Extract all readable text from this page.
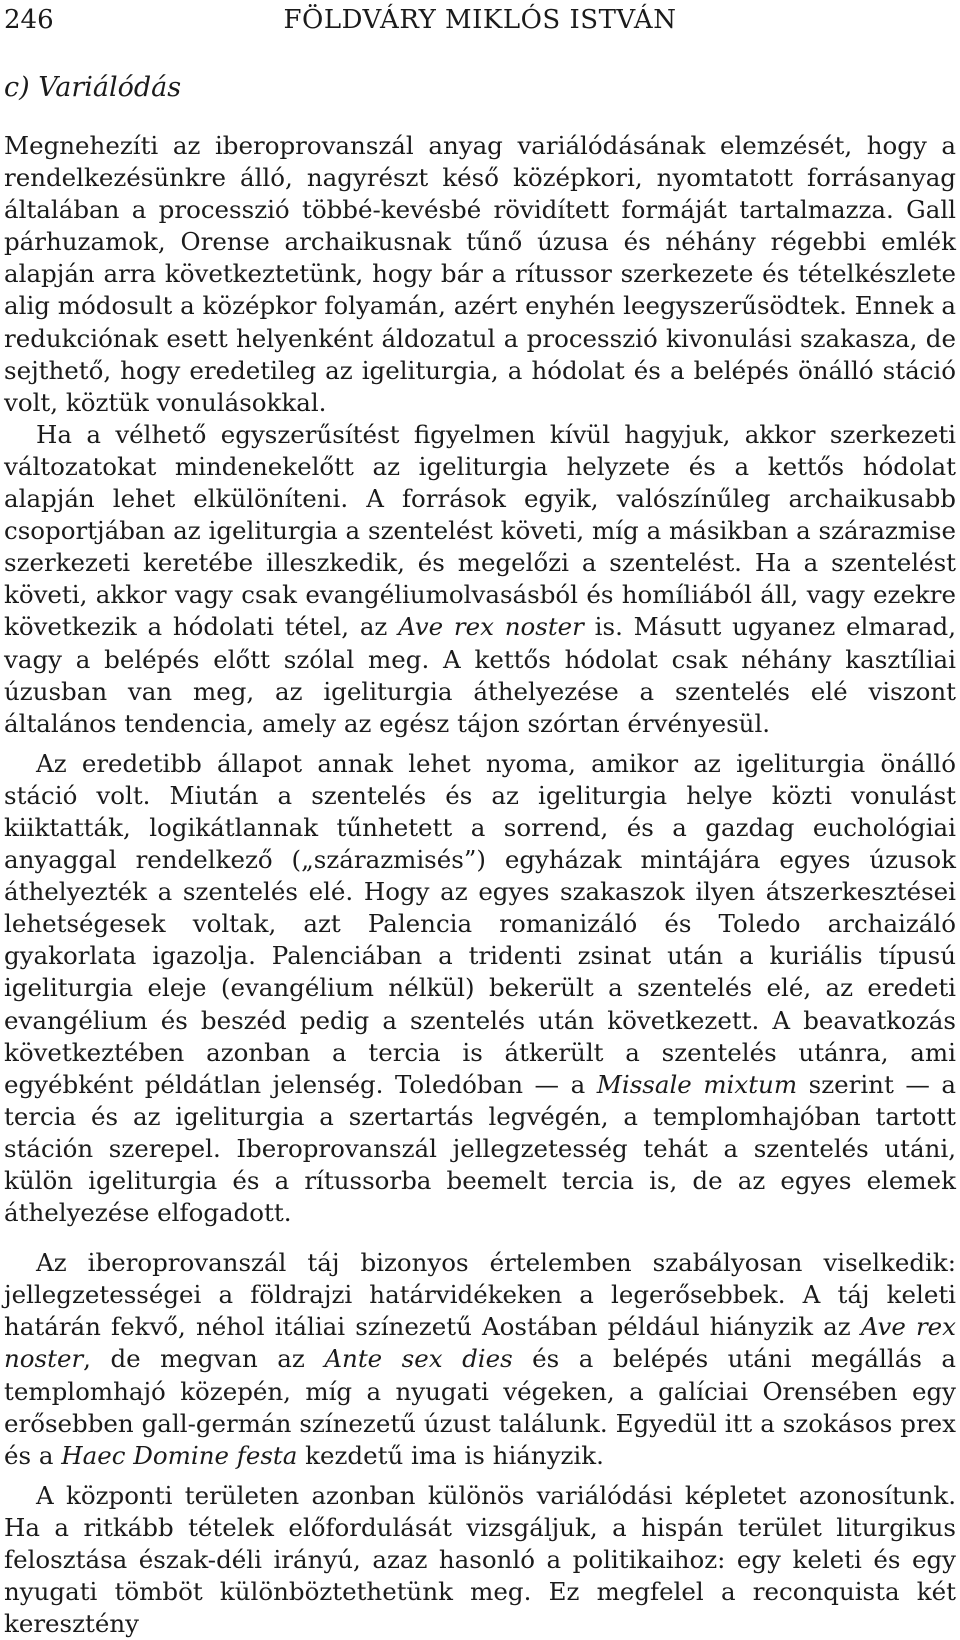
246	FÖLDVÁRY MIKLÓS ISTVÁN
c) Variálódás

Megnehezíti az iberoprovanszál anyag variálódásának elemzését, hogy a rendelkezésünkre álló, nagyrészt késő középkori, nyomtatott forrásanyag általában a processzió többé-kevésbé rövidített formáját tartalmazza. Gall párhuzamok, Orense archaikusnak tűnő úzusa és néhány régebbi emlék alapján arra következtetünk, hogy bár a rítussor szerkezete és tételkészlete alig módosult a középkor folyamán, azért enyhén leegyszerűsödtek. Ennek a redukciónak esett helyenként áldozatul a processzió kivonulási szakasza, de sejthető, hogy eredetileg az igeliturgia, a hódolat és a belépés önálló stáció volt, köztük vonulásokkal.

Ha a vélhető egyszerűsítést figyelmen kívül hagyjuk, akkor szerkezeti változatokat mindenekelőtt az igeliturgia helyzete és a kettős hódolat alapján lehet elkülöníteni. A források egyik, valószínűleg archaikusabb csoportjában az igeliturgia a szentelést követi, míg a másikban a szárazmise szerkezeti keretébe illeszkedik, és megelőzi a szentelést. Ha a szentelést követi, akkor vagy csak evangéliumolvasásból és homíliából áll, vagy ezekre következik a hódolati tétel, az Ave rex noster is. Másutt ugyanez elmarad, vagy a belépés előtt szólal meg. A kettős hódolat csak néhány kasztíliai úzusban van meg, az igeliturgia áthelyezése a szentelés elé viszont általános tendencia, amely az egész tájon szórtan érvényesül.

Az eredetibb állapot annak lehet nyoma, amikor az igeliturgia önálló stáció volt. Miután a szentelés és az igeliturgia helye közti vonulást kiiktatták, logikátlannak tűnhetett a sorrend, és a gazdag euchológiai anyaggal rendelkező („szárazmisés”) egyházak mintájára egyes úzusok áthelyezték a szentelés elé. Hogy az egyes szakaszok ilyen átszerkesztései lehetségesek voltak, azt Palencia romanizáló és Toledo archaizáló gyakorlata igazolja. Palenciában a tridenti zsinat után a kuriális típusú igeliturgia eleje (evangélium nélkül) bekerült a szentelés elé, az eredeti evangélium és beszéd pedig a szentelés után következett. A beavatkozás következtében azonban a tercia is átkerült a szentelés utánra, ami egyébként példátlan jelenség. Toledóban — a Missale mixtum szerint — a tercia és az igeliturgia a szertartás legvégén, a templomhajóban tartott stáción szerepel. Iberoprovanszál jellegzetesség tehát a szentelés utáni, külön igeliturgia és a rítussorba beemelt tercia is, de az egyes elemek áthelyezése elfogadott.

Az iberoprovanszál táj bizonyos értelemben szabályosan viselkedik: jellegzetességei a földrajzi határvidékeken a legerősebbek. A táj keleti határán fekvő, néhol itáliai színezetű Aostában például hiányzik az Ave rex noster, de megvan az Ante sex dies és a belépés utáni megállás a templomhajó közepén, míg a nyugati végeken, a galíciai Orensében egy erősebben gall-germán színezetű úzust találunk. Egyedül itt a szokásos prex és a Haec Domine festa kezdetű ima is hiányzik.

A központi területen azonban különös variálódási képletet azonosítunk. Ha a ritkább tételek előfordulását vizsgáljuk, a hispán terület liturgikus felosztása észak-déli irányú, azaz hasonló a politikaihoz: egy keleti és egy nyugati tömböt különböztethetünk meg. Ez megfelel a reconquista két keresztény
